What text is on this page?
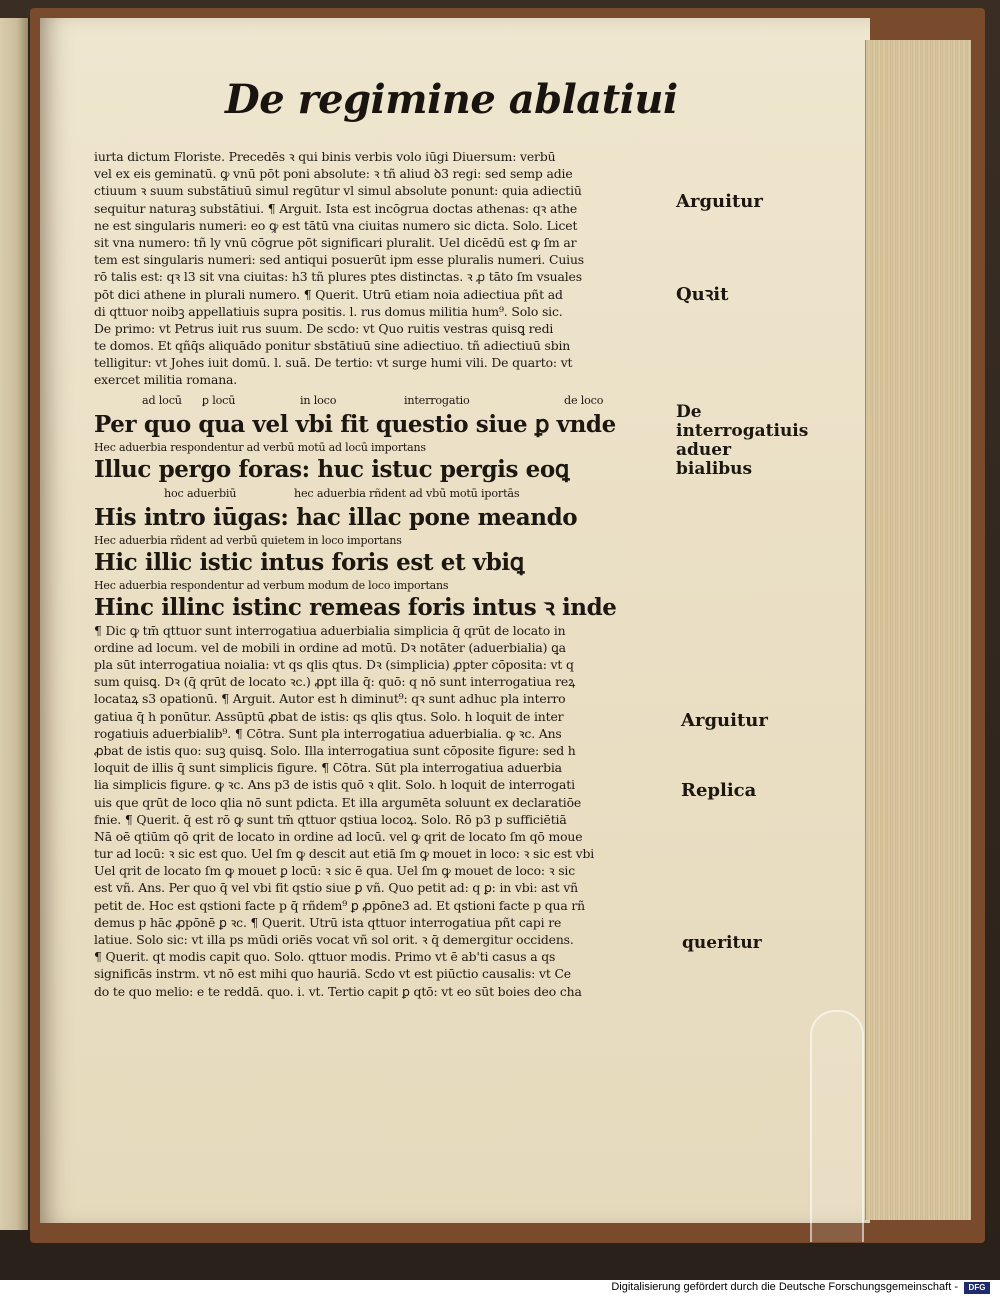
De regimine ablatiui
iurta dictum Floriste. Precedēs ꝛ qui binis verbis volo iūgi Diuersum: verbū
vel ex eis geminatū. ꝙ vnū pōt poni absolute: ꝛ tñ aliud ꝺ3 regi: sed semp adie
ctiuum ꝛ suum substātiuū simul regūtur vl simul absolute ponunt: quia adiectiū
sequitur naturaꝫ substātiui. ¶ Arguit. Ista est incōgrua doctas athenas: qꝛ athe
ne est singularis numeri: eo ꝙ est tātū vna ciuitas numero sic dicta. Solo. Licet
sit vna numero: tñ ly vnū cōgrue pōt significari pluralit. Uel dicēdū est ꝙ ſm ar
tem est singularis numeri: sed antiqui posuerūt ipm esse pluralis numeri. Cuius
rō talis est: qꝛ l3 sit vna ciuitas: h3 tñ plures ptes distinctas. ꝛ ꝓ tāto ſm vsuales
pōt dici athene in plurali numero. ¶ Querit. Utrū etiam noia adiectiua pñt ad
di qttuor noibꝫ appellatiuis supra positis. l. rus domus militia hum⁹. Solo sic.
De primo: vt Petrus iuit rus suum. De scdo: vt Quo ruitis vestras quisꝗ redi
te domos. Et qñq̄s aliquādo ponitur sbstātiuū sine adiectiuo. tñ adiectiuū sbin
telligitur: vt Johes iuit domū. l. suā. De tertio: vt surge humi vili. De quarto: vt
exercet militia romana.
ad locū ꝑ locū	in loco	interrogatio	de loco
Per quo qua vel vbi fit questio siue ꝑ vnde
Hec aduerbia respondentur ad verbū motū ad locū importans
Illuc pergo foras: huc istuc pergis eoꝗ
hoc aduerbiū	hec aduerbia rñdent ad vbū motū iportās
His intro iūgas: hac illac pone meando
Hec aduerbia rñdent ad verbū quietem in loco importans
Hic illic istic intus foris est et vbiꝗ
Hec aduerbia respondentur ad verbum modum de loco importans
Hinc illinc istinc remeas foris intus ꝛ inde
¶ Dic ꝙ tm̄ qttuor sunt interrogatiua aduerbialia simplicia q̄ qrūt de locato in
ordine ad locum. vel de mobili in ordine ad motū. Dꝛ notāter (aduerbialia) ꝗa
pla sūt interrogatiua noialia: vt qs qlis qtus. Dꝛ (simplicia) ꝓpter cōposita: vt q
sum quisꝗ. Dꝛ (q̄ qrūt de locato ꝛc.) ꝓpt illa q̄: quō: q nō sunt interrogatiua reꝝ
locataꝝ s3 opationū. ¶ Arguit. Autor est h diminut⁹: qꝛ sunt adhuc pla interro
gatiua q̄ h ponūtur. Assūptū ꝓbat de istis: qs qlis qtus. Solo. h loquit de inter
rogatiuis aduerbialib⁹. ¶ Cōtra. Sunt pla interrogatiua aduerbialia. ꝙ ꝛc. Ans
ꝓbat de istis quo: suꝫ quisꝗ. Solo. Illa interrogatiua sunt cōposite figure: sed h
loquit de illis q̄ sunt simplicis figure. ¶ Cōtra. Sūt pla interrogatiua aduerbia
lia simplicis figure. ꝙ ꝛc. Ans p3 de istis quō ꝛ qlit. Solo. h loquit de interrogati
uis que qrūt de loco qlia nō sunt pdicta. Et illa argumēta soluunt ex declaratiōe
fnie. ¶ Querit. q̄ est rō ꝙ sunt tm̄ qttuor qstiua locoꝝ. Solo. Rō p3 p sufficiētiā
Nā oē qtiūm qō qrit de locato in ordine ad locū. vel ꝙ qrit de locato ſm qō moue
tur ad locū: ꝛ sic est quo. Uel ſm ꝙ descit aut etiā ſm ꝙ mouet in loco: ꝛ sic est vbi
Uel qrit de locato ſm ꝙ mouet ꝑ locū: ꝛ sic ē qua. Uel ſm ꝙ mouet de loco: ꝛ sic
est vñ. Ans. Per quo q̄ vel vbi fit qstio siue ꝑ vñ. Quo petit ad: q ꝑ: in vbi: ast vñ
petit de. Hoc est qstioni facte p q̄ rñdem⁹ ꝑ ꝓpōne3 ad. Et qstioni facte p qua rñ
demus p hāc ꝓpōnē ꝑ ꝛc. ¶ Querit. Utrū ista qttuor interrogatiua pñt capi re
latiue. Solo sic: vt illa ps mūdi oriēs vocat vñ sol orit. ꝛ q̄ demergitur occidens.
¶ Querit. qt modis capit quo. Solo. qttuor modis. Primo vt ē ab'ti casus a qs
significās instrm. vt nō est mihi quo hauriā. Scdo vt est piūctio causalis: vt Ce
do te quo melio: e te reddā. quo. i. vt. Tertio capit ꝑ qtō: vt eo sūt boies deo cha
Arguitur
Quꝛit
De interrogatiuis aduer bialibus
Arguitur
Replica
queritur
Digitalisierung gefördert durch die Deutsche Forschungsgemeinschaft -	DFG
